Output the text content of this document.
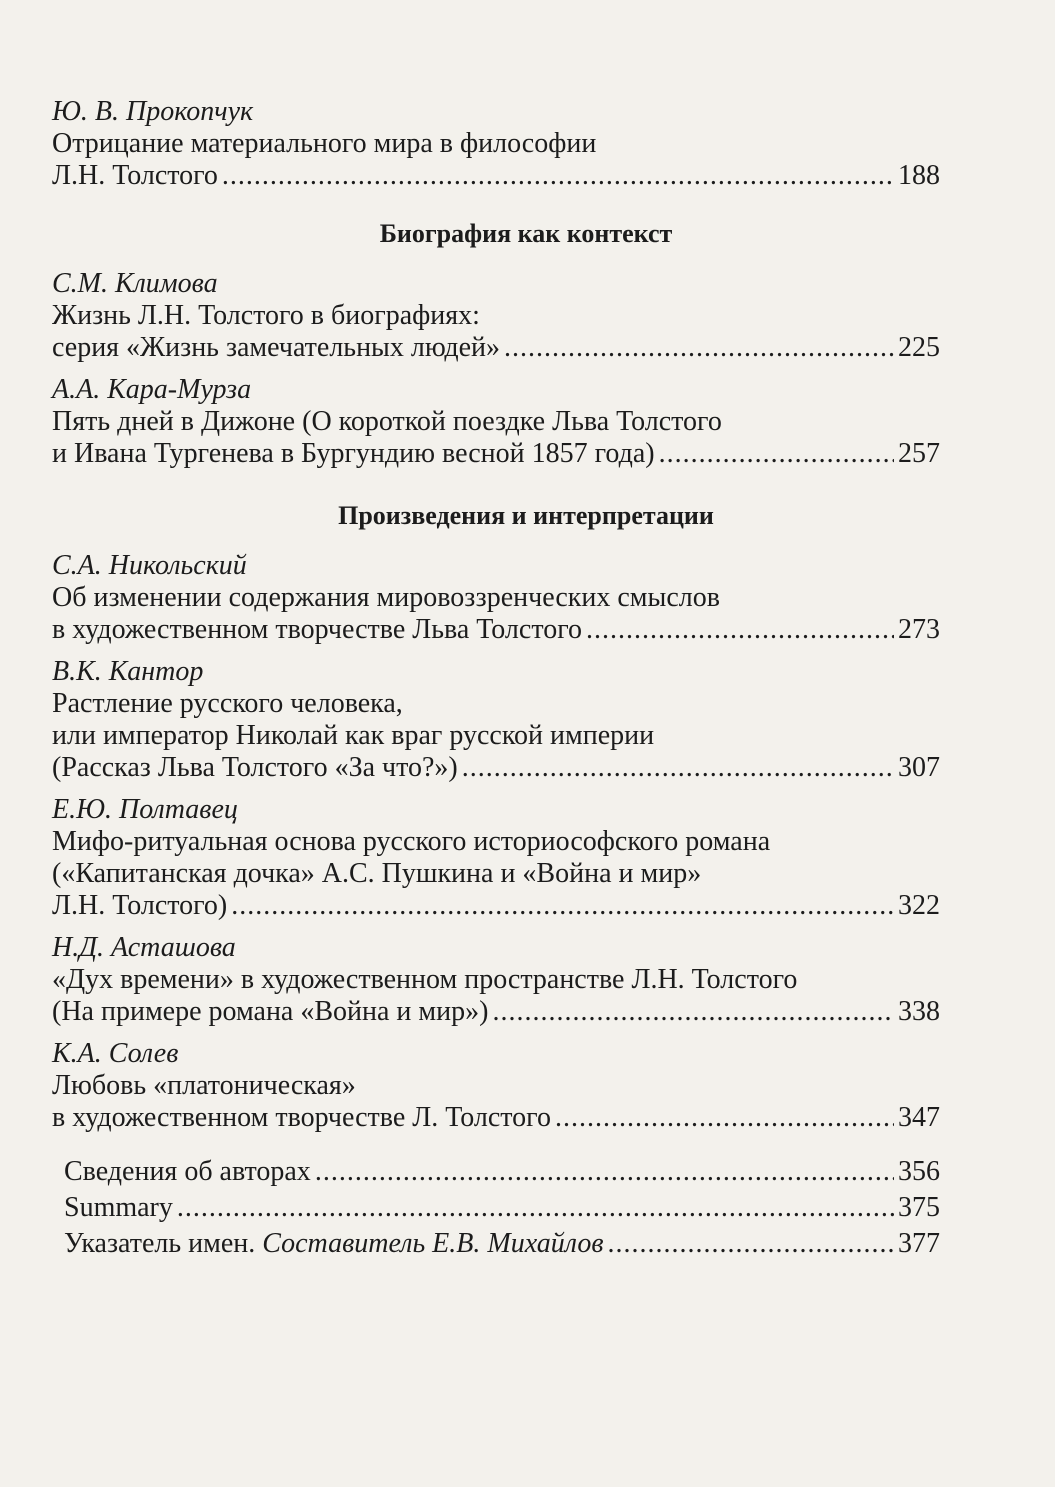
Ю. В. Прокопчук
Отрицание материального мира в философии
Л.Н. Толстого .....	188
Биография как контекст
С.М. Климова
Жизнь Л.Н. Толстого в биографиях:
серия «Жизнь замечательных людей» .....	225
А.А. Кара-Мурза
Пять дней в Дижоне (О короткой поездке Льва Толстого
и Ивана Тургенева в Бургундию весной 1857 года) .....	257
Произведения и интерпретации
С.А. Никольский
Об изменении содержания мировоззренческих смыслов
в художественном творчестве Льва Толстого .....	273
В.К. Кантор
Растление русского человека,
или император Николай как враг русской империи
(Рассказ Льва Толстого «За что?») .....	307
Е.Ю. Полтавец
Мифо-ритуальная основа русского историософского романа
(«Капитанская дочка» А.С. Пушкина и «Война и мир»
Л.Н. Толстого) .....	322
Н.Д. Асташова
«Дух времени» в художественном пространстве Л.Н. Толстого
(На примере романа «Война и мир») .....	338
К.А. Солев
Любовь «платоническая»
в художественном творчестве Л. Толстого .....	347
Сведения об авторах .....	356
Summary .....	375
Указатель имен. Составитель Е.В. Михайлов .....	377
